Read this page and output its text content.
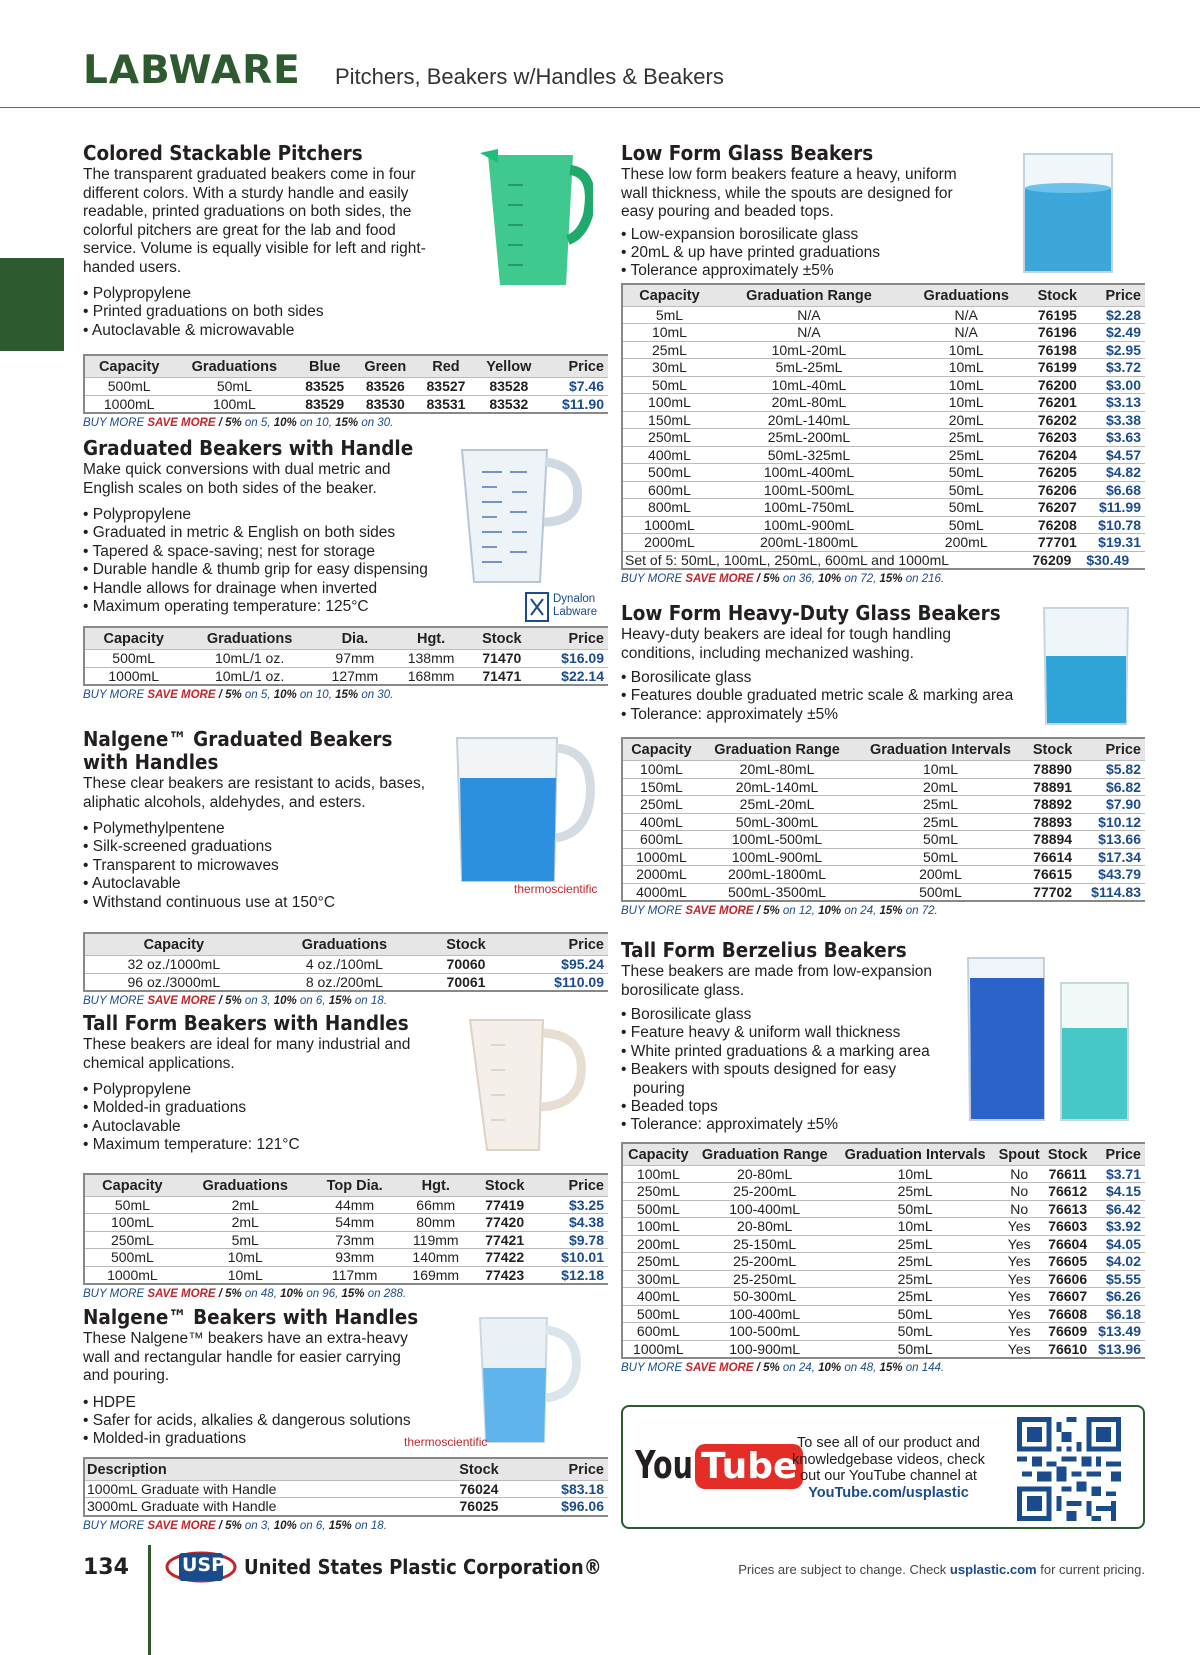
LABWARE Pitchers, Beakers w/Handles & Beakers
Colored Stackable Pitchers

The transparent graduated beakers come in four different colors. With a sturdy handle and easily readable, printed graduations on both sides, the colorful pitchers are great for the lab and food service. Volume is equally visible for left and right-handed users.

• Polypropylene
• Printed graduations on both sides
• Autoclavable & microwavable
Capacity	Graduations	Blue	Green	Red	Yellow	Price
500mL	50mL	83525	83526	83527	83528	$7.46
1000mL	100mL	83529	83530	83531	83532	$11.90
BUY MORE SAVE MORE / 5% on 5, 10% on 10, 15% on 30.
Graduated Beakers with Handle

Make quick conversions with dual metric and English scales on both sides of the beaker.

• Polypropylene
• Graduated in metric & English on both sides
• Tapered & space-saving; nest for storage
• Durable handle & thumb grip for easy dispensing
• Handle allows for drainage when inverted
• Maximum operating temperature: 125°C
Capacity	Graduations	Dia.	Hgt.	Stock	Price
500mL	10mL/1 oz.	97mm	138mm	71470	$16.09
1000mL	10mL/1 oz.	127mm	168mm	71471	$22.14
BUY MORE SAVE MORE / 5% on 5, 10% on 10, 15% on 30.
Dynalon Labware
Nalgene™ Graduated Beakers with Handles

These clear beakers are resistant to acids, bases, aliphatic alcohols, aldehydes, and esters.

• Polymethylpentene
• Silk-screened graduations
• Transparent to microwaves
• Autoclavable
• Withstand continuous use at 150°C
Capacity	Graduations	Stock	Price
32 oz./1000mL	4 oz./100mL	70060	$95.24
96 oz./3000mL	8 oz./200mL	70061	$110.09
BUY MORE SAVE MORE / 5% on 3, 10% on 6, 15% on 18.
thermoscientific
Tall Form Beakers with Handles

These beakers are ideal for many industrial and chemical applications.

• Polypropylene
• Molded-in graduations
• Autoclavable
• Maximum temperature: 121°C
Capacity	Graduations	Top Dia.	Hgt.	Stock	Price
50mL	2mL	44mm	66mm	77419	$3.25
100mL	2mL	54mm	80mm	77420	$4.38
250mL	5mL	73mm	119mm	77421	$9.78
500mL	10mL	93mm	140mm	77422	$10.01
1000mL	10mL	117mm	169mm	77423	$12.18
BUY MORE SAVE MORE / 5% on 48, 10% on 96, 15% on 288.
Nalgene™ Beakers with Handles

These Nalgene™ beakers have an extra-heavy wall and rectangular handle for easier carrying and pouring.

• HDPE
• Safer for acids, alkalies & dangerous solutions
• Molded-in graduations
Description	Stock	Price
1000mL Graduate with Handle	76024	$83.18
3000mL Graduate with Handle	76025	$96.06
BUY MORE SAVE MORE / 5% on 3, 10% on 6, 15% on 18.
thermoscientific
Low Form Glass Beakers

These low form beakers feature a heavy, uniform wall thickness, while the spouts are designed for easy pouring and beaded tops.

• Low-expansion borosilicate glass
• 20mL & up have printed graduations
• Tolerance approximately ±5%
Capacity	Graduation Range	Graduations	Stock	Price
5mL	N/A	N/A	76195	$2.28
10mL	N/A	N/A	76196	$2.49
25mL	10mL-20mL	10mL	76198	$2.95
30mL	5mL-25mL	10mL	76199	$3.72
50mL	10mL-40mL	10mL	76200	$3.00
100mL	20mL-80mL	10mL	76201	$3.13
150mL	20mL-140mL	20mL	76202	$3.38
250mL	25mL-200mL	25mL	76203	$3.63
400mL	50mL-325mL	25mL	76204	$4.57
500mL	100mL-400mL	50mL	76205	$4.82
600mL	100mL-500mL	50mL	76206	$6.68
800mL	100mL-750mL	50mL	76207	$11.99
1000mL	100mL-900mL	50mL	76208	$10.78
2000mL	200mL-1800mL	200mL	77701	$19.31
Set of 5: 50mL, 100mL, 250mL, 600mL and 1000mL			76209	$30.49
BUY MORE SAVE MORE / 5% on 36, 10% on 72, 15% on 216.
Low Form Heavy-Duty Glass Beakers

Heavy-duty beakers are ideal for tough handling conditions, including mechanized washing.

• Borosilicate glass
• Features double graduated metric scale & marking area
• Tolerance: approximately ±5%
Capacity	Graduation Range	Graduation Intervals	Stock	Price
100mL	20mL-80mL	10mL	78890	$5.82
150mL	20mL-140mL	20mL	78891	$6.82
250mL	25mL-20mL	25mL	78892	$7.90
400mL	50mL-300mL	25mL	78893	$10.12
600mL	100mL-500mL	50mL	78894	$13.66
1000mL	100mL-900mL	50mL	76614	$17.34
2000mL	200mL-1800mL	200mL	76615	$43.79
4000mL	500mL-3500mL	500mL	77702	$114.83
BUY MORE SAVE MORE / 5% on 12, 10% on 24, 15% on 72.
Tall Form Berzelius Beakers

These beakers are made from low-expansion borosilicate glass.

• Borosilicate glass
• Feature heavy & uniform wall thickness
• White printed graduations & a marking area
• Beakers with spouts designed for easy pouring
• Beaded tops
• Tolerance: approximately ±5%
Capacity	Graduation Range	Graduation Intervals	Spout	Stock	Price
100mL	20-80mL	10mL	No	76611	$3.71
250mL	25-200mL	25mL	No	76612	$4.15
500mL	100-400mL	50mL	No	76613	$6.42
100mL	20-80mL	10mL	Yes	76603	$3.92
200mL	25-150mL	25mL	Yes	76604	$4.05
250mL	25-200mL	25mL	Yes	76605	$4.02
300mL	25-250mL	25mL	Yes	76606	$5.55
400mL	50-300mL	25mL	Yes	76607	$6.26
500mL	100-400mL	50mL	Yes	76608	$6.18
600mL	100-500mL	50mL	Yes	76609	$13.49
1000mL	100-900mL	50mL	Yes	76610	$13.96
BUY MORE SAVE MORE / 5% on 24, 10% on 48, 15% on 144.
You Tube
To see all of our product and knowledgebase videos, check out our YouTube channel at
YouTube.com/usplastic
134	USP United States Plastic Corporation®	Prices are subject to change. Check usplastic.com for current pricing.
